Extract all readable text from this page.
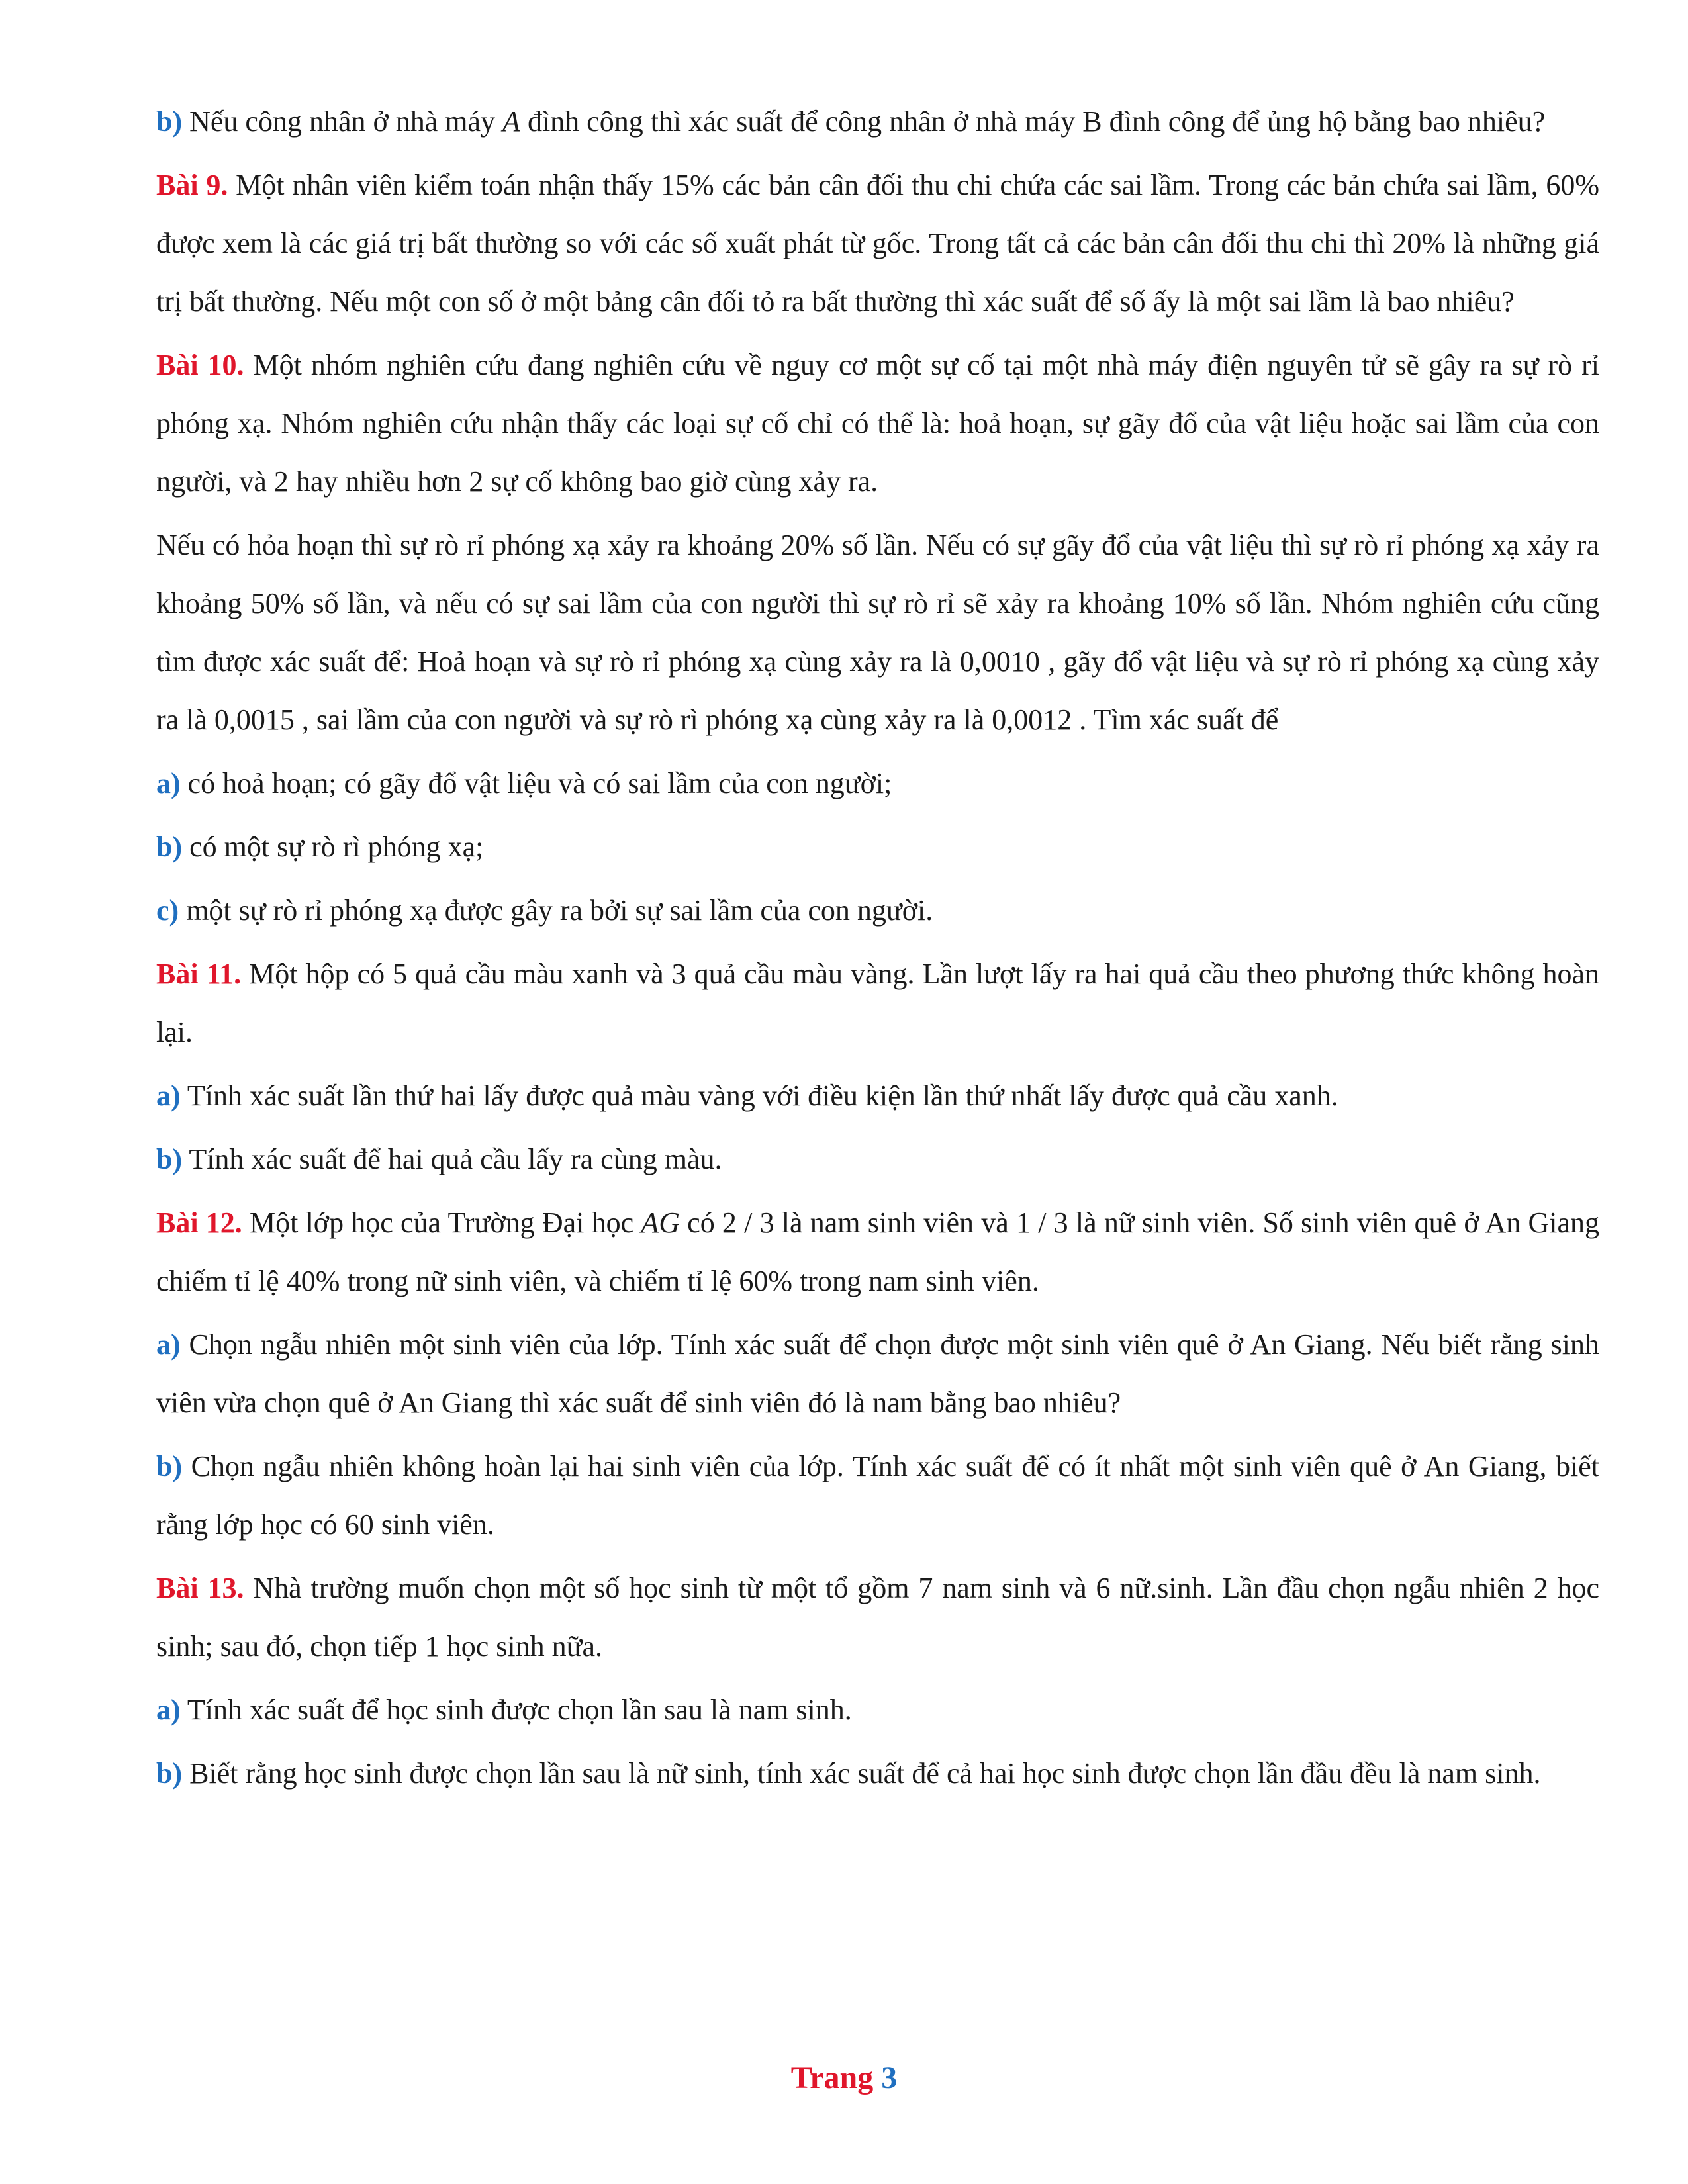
b) Nếu công nhân ở nhà máy A đình công thì xác suất để công nhân ở nhà máy B đình công để ủng hộ bằng bao nhiêu?

Bài 9. Một nhân viên kiểm toán nhận thấy 15% các bản cân đối thu chi chứa các sai lầm. Trong các bản chứa sai lầm, 60% được xem là các giá trị bất thường so với các số xuất phát từ gốc. Trong tất cả các bản cân đối thu chi thì 20% là những giá trị bất thường. Nếu một con số ở một bảng cân đối tỏ ra bất thường thì xác suất để số ấy là một sai lầm là bao nhiêu?

Bài 10. Một nhóm nghiên cứu đang nghiên cứu về nguy cơ một sự cố tại một nhà máy điện nguyên tử sẽ gây ra sự rò rỉ phóng xạ. Nhóm nghiên cứu nhận thấy các loại sự cố chỉ có thể là: hoả hoạn, sự gãy đổ của vật liệu hoặc sai lầm của con người, và 2 hay nhiều hơn 2 sự cố không bao giờ cùng xảy ra.

Nếu có hỏa hoạn thì sự rò rỉ phóng xạ xảy ra khoảng 20% số lần. Nếu có sự gãy đổ của vật liệu thì sự rò rỉ phóng xạ xảy ra khoảng 50% số lần, và nếu có sự sai lầm của con người thì sự rò rỉ sẽ xảy ra khoảng 10% số lần. Nhóm nghiên cứu cũng tìm được xác suất để: Hoả hoạn và sự rò rỉ phóng xạ cùng xảy ra là 0,0010 , gãy đổ vật liệu và sự rò rỉ phóng xạ cùng xảy ra là 0,0015 , sai lầm của con người và sự rò rì phóng xạ cùng xảy ra là 0,0012 . Tìm xác suất để

a) có hoả hoạn; có gãy đổ vật liệu và có sai lầm của con người;

b) có một sự rò rì phóng xạ;

c) một sự rò rỉ phóng xạ được gây ra bởi sự sai lầm của con người.

Bài 11. Một hộp có 5 quả cầu màu xanh và 3 quả cầu màu vàng. Lần lượt lấy ra hai quả cầu theo phương thức không hoàn lại.

a) Tính xác suất lần thứ hai lấy được quả màu vàng với điều kiện lần thứ nhất lấy được quả cầu xanh.

b) Tính xác suất để hai quả cầu lấy ra cùng màu.

Bài 12. Một lớp học của Trường Đại học AG có 2 / 3 là nam sinh viên và 1 / 3 là nữ sinh viên. Số sinh viên quê ở An Giang chiếm tỉ lệ 40% trong nữ sinh viên, và chiếm tỉ lệ 60% trong nam sinh viên.

a) Chọn ngẫu nhiên một sinh viên của lớp. Tính xác suất để chọn được một sinh viên quê ở An Giang. Nếu biết rằng sinh viên vừa chọn quê ở An Giang thì xác suất để sinh viên đó là nam bằng bao nhiêu?

b) Chọn ngẫu nhiên không hoàn lại hai sinh viên của lớp. Tính xác suất để có ít nhất một sinh viên quê ở An Giang, biết rằng lớp học có 60 sinh viên.

Bài 13. Nhà trường muốn chọn một số học sinh từ một tổ gồm 7 nam sinh và 6 nữ.sinh. Lần đầu chọn ngẫu nhiên 2 học sinh; sau đó, chọn tiếp 1 học sinh nữa.

a) Tính xác suất để học sinh được chọn lần sau là nam sinh.

b) Biết rằng học sinh được chọn lần sau là nữ sinh, tính xác suất để cả hai học sinh được chọn lần đầu đều là nam sinh.

Trang 3
